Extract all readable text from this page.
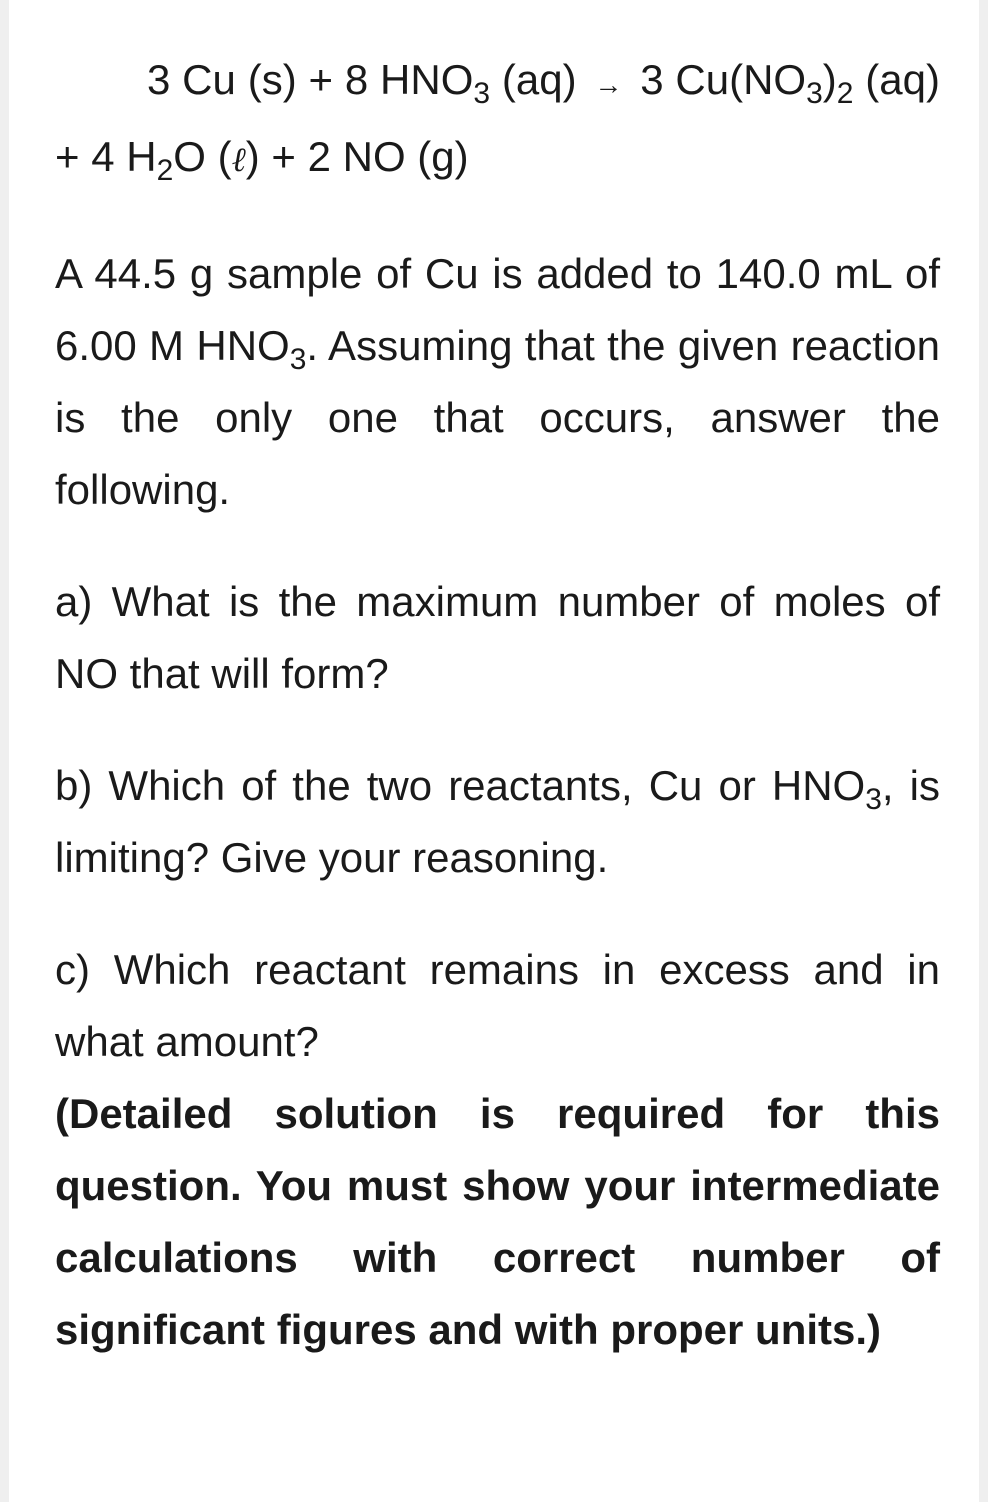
3 Cu (s) + 8 $HNO_3$ (aq) → 3 $Cu(NO_3)_2$ (aq) + 4 $H_2O$ (ℓ) + 2 NO (g)

A 44.5 g sample of Cu is added to 140.0 mL of 6.00 M $HNO_3$. Assuming that the given reaction is the only one that occurs, answer the following.

a) What is the maximum number of moles of NO that will form?

b) Which of the two reactants, Cu or $HNO_3$, is limiting? Give your reasoning.

c) Which reactant remains in excess and in what amount?

(Detailed solution is required for this question. You must show your intermediate calculations with correct number of significant figures and with proper units.)
